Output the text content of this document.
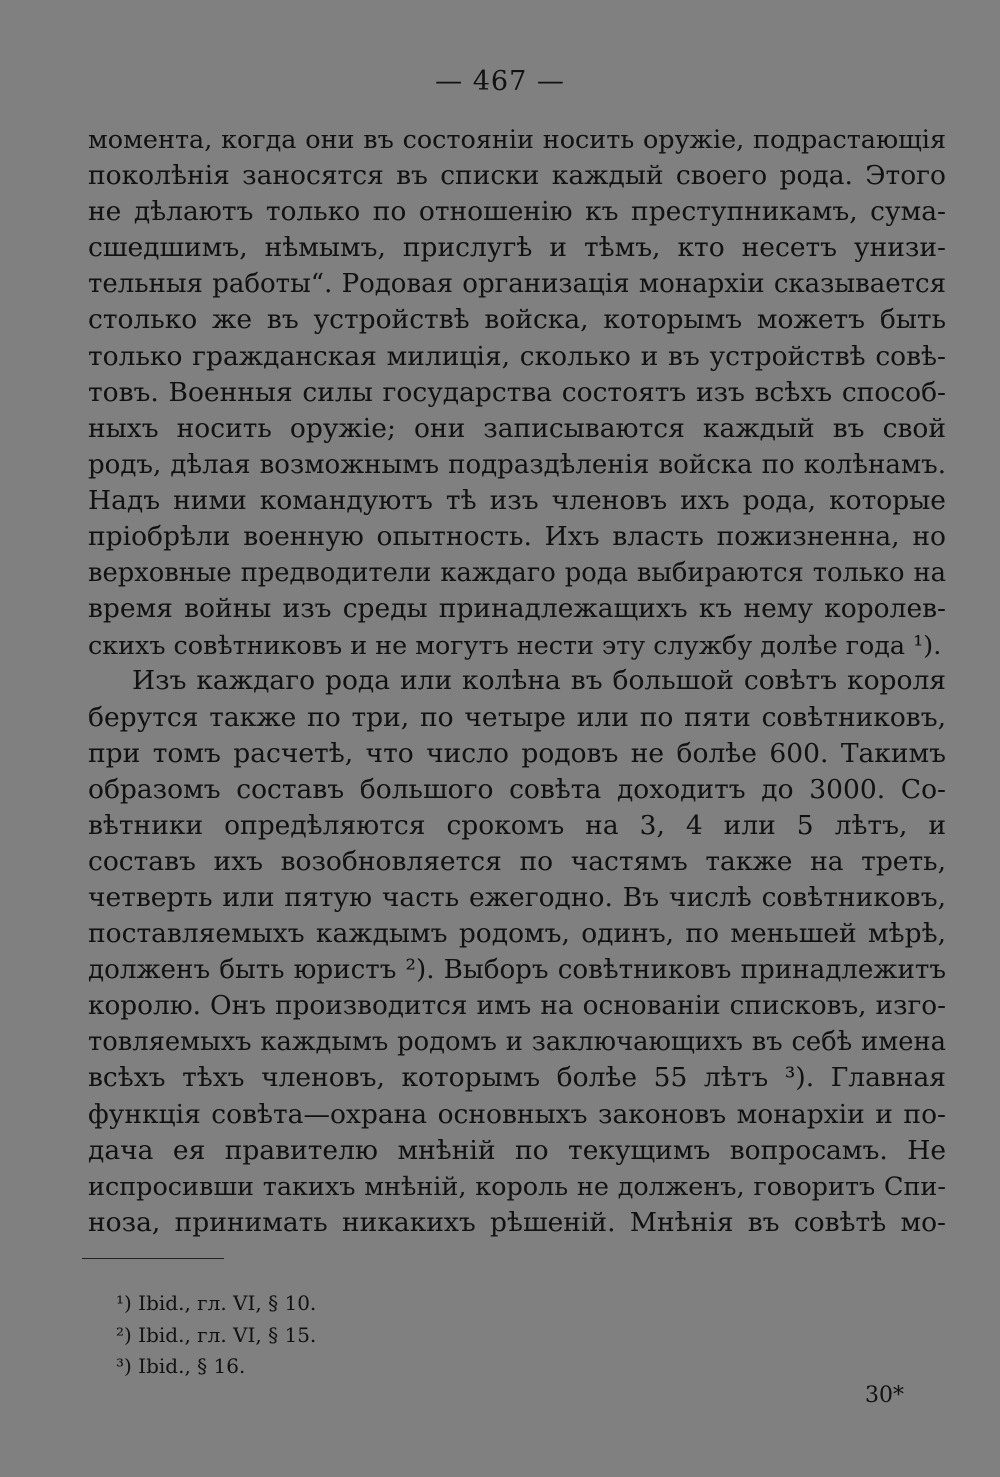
— 467 —
момента, когда они въ состояніи носить оружіе, подрастающія
поколѣнія заносятся въ списки каждый своего рода. Этого
не дѣлаютъ только по отношенію къ преступникамъ, сума-
сшедшимъ, нѣмымъ, прислугѣ и тѣмъ, кто несетъ унизи-
тельныя работы“. Родовая организація монархіи сказывается
столько же въ устройствѣ войска, которымъ можетъ быть
только гражданская милиція, сколько и въ устройствѣ совѣ-
товъ. Военныя силы государства состоятъ изъ всѣхъ способ-
ныхъ носить оружіе; они записываются каждый въ свой
родъ, дѣлая возможнымъ подраздѣленія войска по колѣнамъ.
Надъ ними командуютъ тѣ изъ членовъ ихъ рода, которые
пріобрѣли военную опытность. Ихъ власть пожизненна, но
верховные предводители каждаго рода выбираются только на
время войны изъ среды принадлежащихъ къ нему королев-
скихъ совѣтниковъ и не могутъ нести эту службу долѣе года ¹).
Изъ каждаго рода или колѣна въ большой совѣтъ короля
берутся также по три, по четыре или по пяти совѣтниковъ,
при томъ расчетѣ, что число родовъ не болѣе 600. Такимъ
образомъ составъ большого совѣта доходитъ до 3000. Со-
вѣтники опредѣляются срокомъ на 3, 4 или 5 лѣтъ, и
составъ ихъ возобновляется по частямъ также на треть,
четверть или пятую часть ежегодно. Въ числѣ совѣтниковъ,
поставляемыхъ каждымъ родомъ, одинъ, по меньшей мѣрѣ,
долженъ быть юристъ ²). Выборъ совѣтниковъ принадлежитъ
королю. Онъ производится имъ на основаніи списковъ, изго-
товляемыхъ каждымъ родомъ и заключающихъ въ себѣ имена
всѣхъ тѣхъ членовъ, которымъ болѣе 55 лѣтъ ³). Главная
функція совѣта—охрана основныхъ законовъ монархіи и по-
дача ея правителю мнѣній по текущимъ вопросамъ. Не
испросивши такихъ мнѣній, король не долженъ, говоритъ Спи-
ноза, принимать никакихъ рѣшеній. Мнѣнія въ совѣтѣ мо-
¹) Ibid., гл. VI, § 10.
²) Ibid., гл. VI, § 15.
³) Ibid., § 16.
30*
